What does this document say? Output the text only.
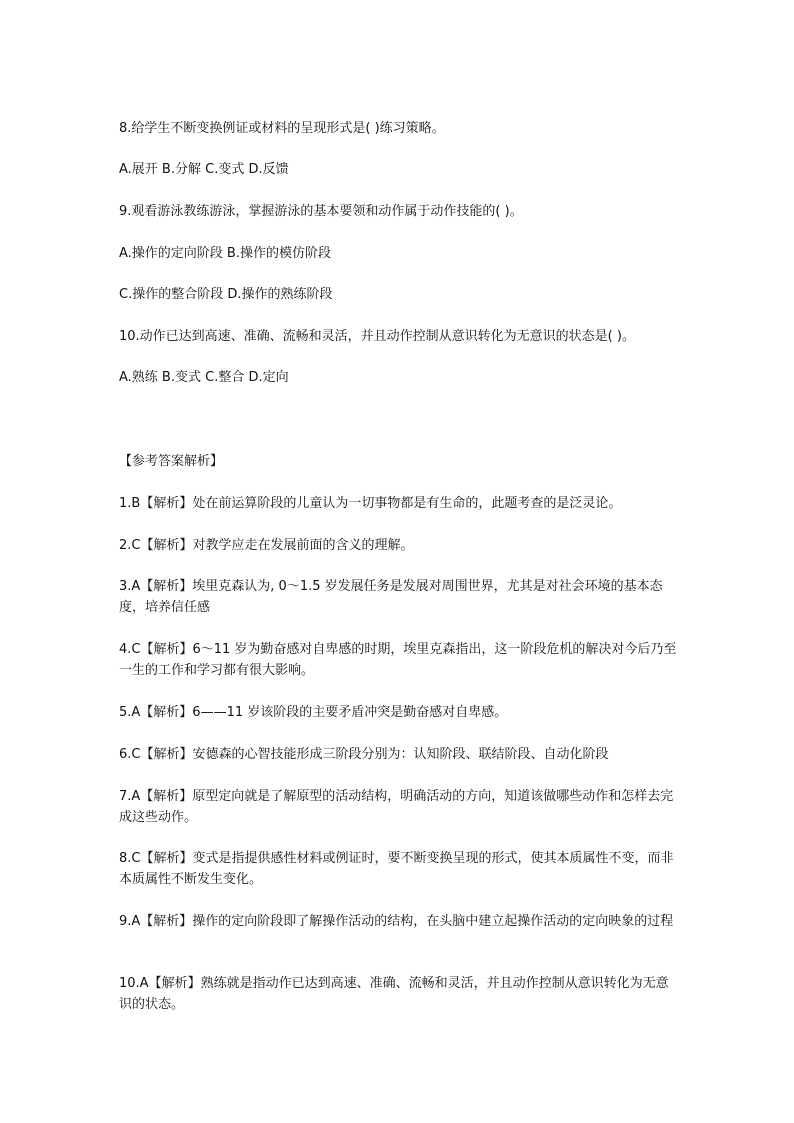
8.给学生不断变换例证或材料的呈现形式是( )练习策略。
A.展开 B.分解 C.变式 D.反馈
9.观看游泳教练游泳，掌握游泳的基本要领和动作属于动作技能的( )。
A.操作的定向阶段 B.操作的模仿阶段
C.操作的整合阶段 D.操作的熟练阶段
10.动作已达到高速、准确、流畅和灵活，并且动作控制从意识转化为无意识的状态是( )。
A.熟练 B.变式 C.整合 D.定向
【参考答案解析】
1.B【解析】处在前运算阶段的儿童认为一切事物都是有生命的，此题考查的是泛灵论。
2.C【解析】对教学应走在发展前面的含义的理解。
3.A【解析】埃里克森认为, 0～1.5 岁发展任务是发展对周围世界，尤其是对社会环境的基本态度，培养信任感
4.C【解析】6～11 岁为勤奋感对自卑感的时期，埃里克森指出，这一阶段危机的解决对今后乃至一生的工作和学习都有很大影响。
5.A【解析】6——11 岁该阶段的主要矛盾冲突是勤奋感对自卑感。
6.C【解析】安德森的心智技能形成三阶段分别为：认知阶段、联结阶段、自动化阶段
7.A【解析】原型定向就是了解原型的活动结构，明确活动的方向，知道该做哪些动作和怎样去完成这些动作。
8.C【解析】变式是指提供感性材料或例证时，要不断变换呈现的形式，使其本质属性不变，而非本质属性不断发生变化。
9.A【解析】操作的定向阶段即了解操作活动的结构，在头脑中建立起操作活动的定向映象的过程
10.A【解析】熟练就是指动作已达到高速、准确、流畅和灵活，并且动作控制从意识转化为无意识的状态。
